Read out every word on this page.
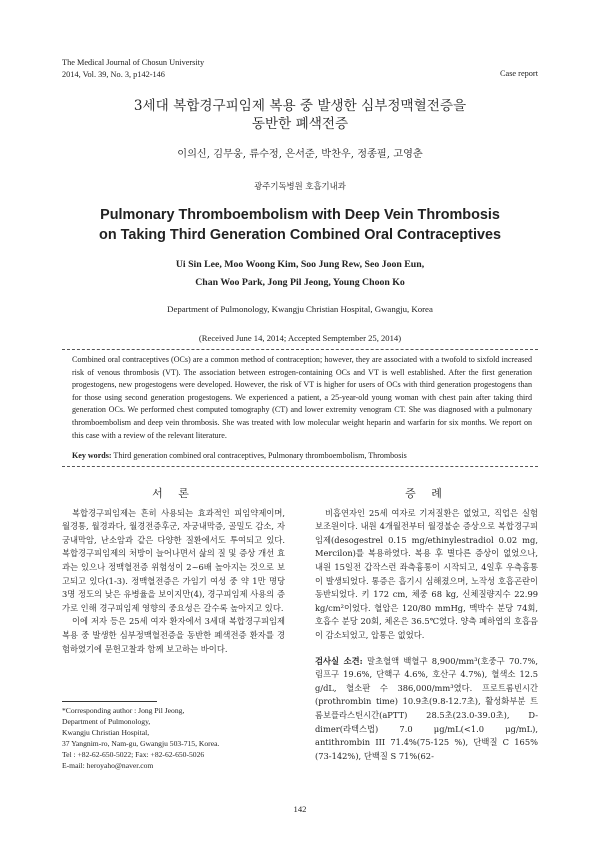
The Medical Journal of Chosun University
2014, Vol. 39, No. 3, p142-146	Case report
3세대 복합경구피임제 복용 중 발생한 심부정맥혈전증을
동반한 폐색전증
이의신, 김무웅, 류수정, 은서준, 박찬우, 정종필, 고영춘
광주기독병원 호흡기내과
Pulmonary Thromboembolism with Deep Vein Thrombosis
on Taking Third Generation Combined Oral Contraceptives
Ui Sin Lee, Moo Woong Kim, Soo Jung Rew, Seo Joon Eun,
Chan Woo Park, Jong Pil Jeong, Young Choon Ko
Department of Pulmonology, Kwangju Christian Hospital, Gwangju, Korea
(Received June 14, 2014; Accepted Semptember 25, 2014)
Combined oral contraceptives (OCs) are a common method of contraception; however, they are associated with a twofold to sixfold increased risk of venous thrombosis (VT). The association between estrogen-containing OCs and VT is well established. After the first generation progestogens, new progestogens were developed. However, the risk of VT is higher for users of OCs with third generation progestogens than for those using second generation progestogens. We experienced a patient, a 25-year-old young woman with chest pain after taking third generation OCs. We performed chest computed tomography (CT) and lower extremity venogram CT. She was diagnosed with a pulmonary thromboembolism and deep vein thrombosis. She was treated with low molecular weight heparin and warfarin for six months. We report on this case with a review of the relevant literature.
Key words: Third generation combined oral contraceptives, Pulmonary thromboembolism, Thrombosis
서 론

복합경구피임제는 흔히 사용되는 효과적인 피임약제이며, 월경통, 월경과다, 월경전증후군, 자궁내막증, 골밀도 감소, 자궁내막암, 난소암과 같은 다양한 질환에서도 투여되고 있다. 복합경구피임제의 처방이 늘어나면서 삶의 질 및 증상 개선 효과는 있으나 정맥혈전증 위험성이 2~6배 높아지는 것으로 보고되고 있다(1-3). 정맥혈전증은 가임기 여성 중 약 1만 명당 3명 정도의 낮은 유병율을 보이지만(4), 경구피임제 사용의 증가로 인해 경구피임제 영향의 중요성은 갈수록 높아지고 있다.

이에 저자 등은 25세 여자 환자에서 3세대 복합경구피임제 복용 중 발생한 심부정맥혈전증을 동반한 폐색전증 환자를 경험하였기에 문헌고찰과 함께 보고하는 바이다.

증 례

비흡연자인 25세 여자로 기저질환은 없었고, 직업은 실험보조원이다. 내원 4개월전부터 월경불순 증상으로 복합경구피임제(desogestrel 0.15 mg/ethinylestradiol 0.02 mg, Mercilon)를 복용하였다. 복용 후 별다른 증상이 없었으나, 내원 15일전 갑작스런 좌측흉통이 시작되고, 4일후 우측흉통이 발생되었다. 통증은 흡기시 심해졌으며, 노작성 호흡곤란이 동반되었다. 키 172 cm, 체중 68 kg, 신체질량지수 22.99 kg/cm²이었다. 혈압은 120/80 mmHg, 맥박수 분당 74회, 호흡수 분당 20회, 체온은 36.5℃였다. 양측 폐하엽의 호흡음이 감소되었고, 압통은 없었다.

검사실 소견: 말초혈액 백혈구 8,900/mm³(호중구 70.7%, 림프구 19.6%, 단핵구 4.6%, 호산구 4.7%), 혈색소 12.5 g/dL, 혈소판 수 386,000/mm³였다. 프로트롬빈시간(prothrombin time) 10.9초(9.8-12.7초), 활성화부분 트롬보플라스틴시간(aPTT) 28.5초(23.0-39.0초), D-dimer(라텍스법) 7.0 μg/mL(<1.0 μg/mL), antithrombin III 71.4%(75-125 %), 단백질 C 165%(73-142%), 단백질 S 71%(62-

*Corresponding author : Jong Pil Jeong,
Department of Pulmonology,
Kwangju Christian Hospital,
37 Yangnim-ro, Nam-gu, Gwangju 503-715, Korea.
Tel : +82-62-650-5022; Fax: +82-62-650-5026
E-mail: heroyaho@naver.com
142
